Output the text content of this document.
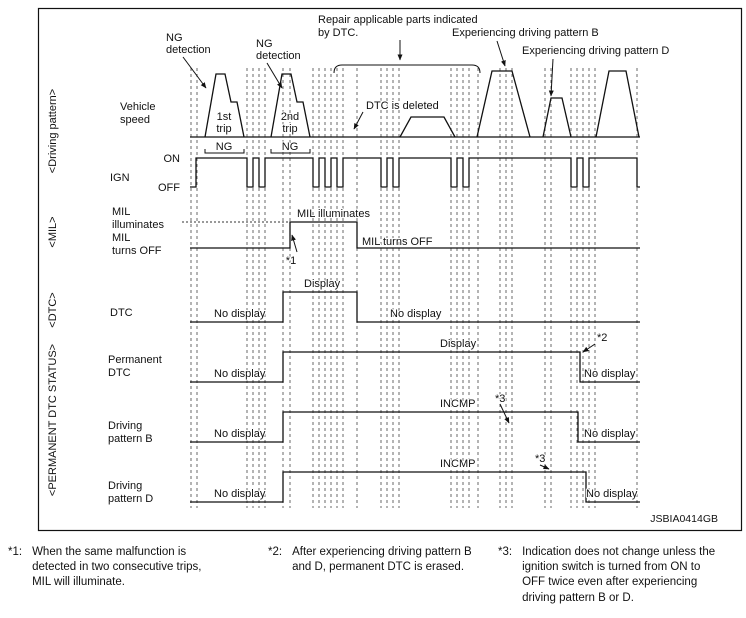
NG
detection	NG
detection
Repair applicable parts indicated
by DTC.	Experiencing driving pattern B
Experiencing driving pattern D
<Driving pattern>
<MIL>
<DTC>
<PERMANENT DTC STATUS>
Vehicle
speed
IGN
ON
OFF
MIL
illuminates
MIL
turns OFF
DTC
Permanent
DTC
Driving
pattern B
Driving
pattern D
1st
trip
2nd
trip
NG	NG
DTC is deleted
MIL illuminates
MIL turns OFF
*1
No display
Display
No display
No display
Display
No display
*2
No display
INCMP
No display
*3
No display
INCMP
No display
*3
JSBIA0414GB
*1: When the same malfunction is detected in two consecutive trips, MIL will illuminate.
*2: After experiencing driving pattern B and D, permanent DTC is erased.
*3: Indication does not change unless the ignition switch is turned from ON to OFF twice even after experiencing driving pattern B or D.
